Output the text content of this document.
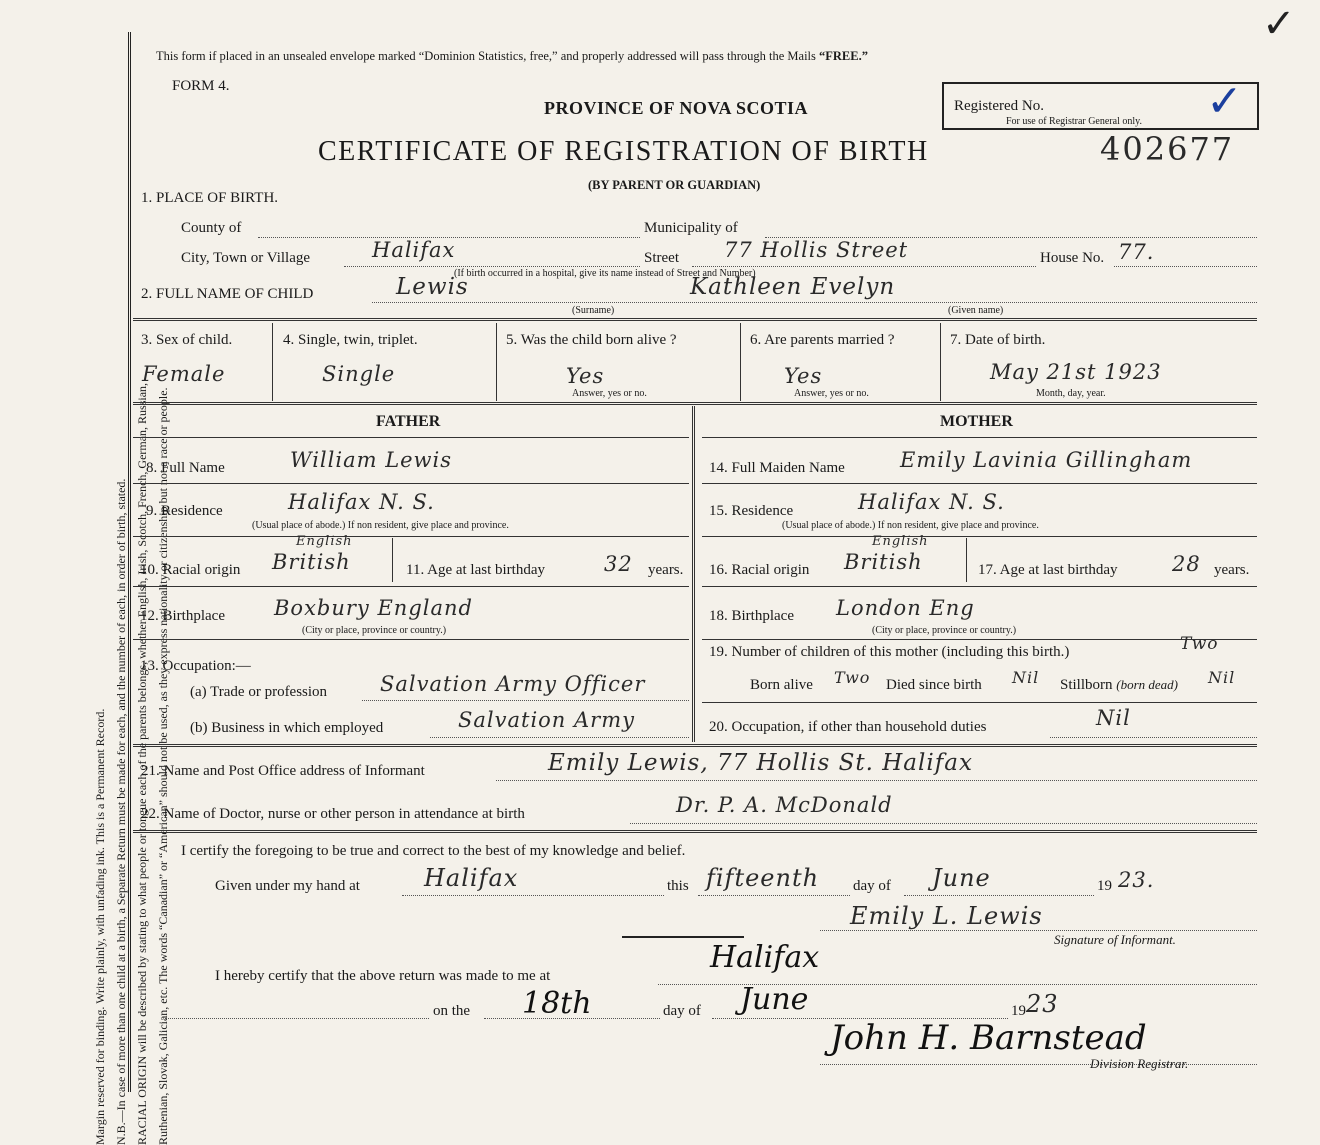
Margin reserved for binding. Write plainly, with unfading ink. This is a Permanent Record. N.B.—In case of more than one child at a birth, a Separate Return must be made for each, and the number of each, in order of birth, stated. RACIAL ORIGIN will be described by stating to what people or tongue each of the parents belongs, whether English, Irish, Scotch, French, German, Russian, Ruthenian, Slovak, Galician, etc. The words “Canadian” or “American” should not be used, as they express nationality or citizenship but not a race or people.
This form if placed in an unsealed envelope marked “Dominion Statistics, free,” and properly addressed will pass through the Mails “FREE.”
FORM 4.
PROVINCE OF NOVA SCOTIA	Registered No.
For use of Registrar General only. ✓
✓
CERTIFICATE OF REGISTRATION OF BIRTH	402677
(BY PARENT OR GUARDIAN)
1. PLACE OF BIRTH.
County of	Municipality of
City, Town or Village	Halifax	Street 77 Hollis Street	House No. 77.
(If birth occurred in a hospital, give its name instead of Street and Number)
2. FULL NAME OF CHILD	Lewis	Kathleen Evelyn
(Surname)	(Given name)
3. Sex of child.
Female
4. Single, twin, triplet.
Single
5. Was the child born alive ?
Yes
Answer, yes or no.
6. Are parents married ?
Yes
Answer, yes or no.
7. Date of birth.
May 21st 1923
Month, day, year.
FATHER	MOTHER
8. Full Name	William Lewis
9. Residence	Halifax N. S.
(Usual place of abode.) If non resident, give place and province.
10. Racial origin British
English
11. Age at last birthday	32 years.
12. Birthplace Boxbury England
(City or place, province or country.)
13. Occupation:—
(a) Trade or profession	Salvation Army Officer
(b) Business in which employed	Salvation Army
14. Full Maiden Name	Emily Lavinia Gillingham
15. Residence	Halifax N. S.
(Usual place of abode.) If non resident, give place and province.
16. Racial origin British
English
17. Age at last birthday	28 years.
18. Birthplace London Eng
(City or place, province or country.)
19. Number of children of this mother (including this birth.)	Two
Born alive Two Died since birth Nil Stillborn (born dead) Nil
20. Occupation, if other than household duties	Nil
21. Name and Post Office address of Informant	Emily Lewis, 77 Hollis St. Halifax
22. Name of Doctor, nurse or other person in attendance at birth	Dr. P. A. McDonald
I certify the foregoing to be true and correct to the best of my knowledge and belief.
Given under my hand at	Halifax	this fifteenth day of June	19 23.
Emily L. Lewis
Signature of Informant.
I hereby certify that the above return was made to me at
Halifax
on the 18th	day of June	19 23
John H. Barnstead
Division Registrar.
